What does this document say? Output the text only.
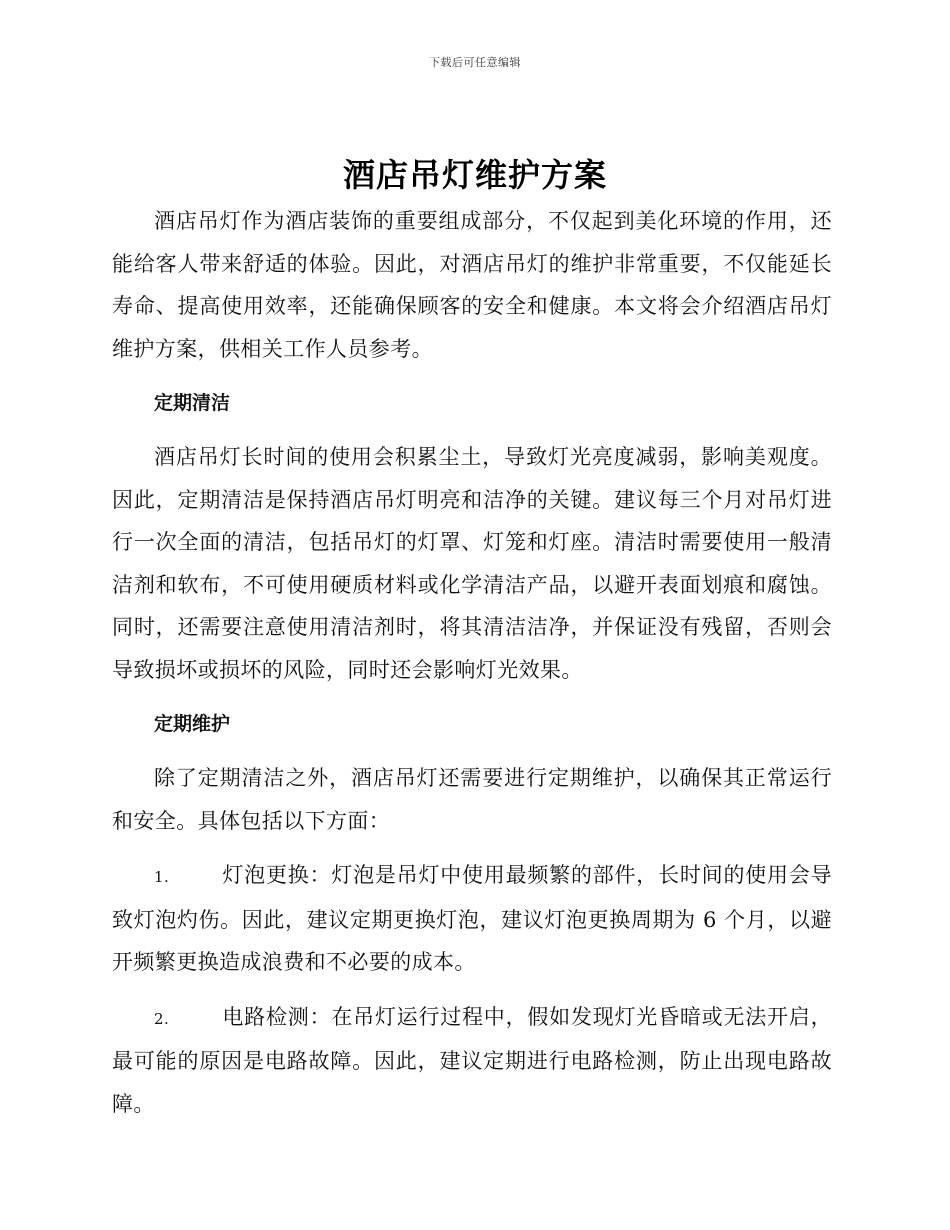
下载后可任意编辑
酒店吊灯维护方案

酒店吊灯作为酒店装饰的重要组成部分，不仅起到美化环境的作用，还能给客人带来舒适的体验。因此，对酒店吊灯的维护非常重要，不仅能延长寿命、提高使用效率，还能确保顾客的安全和健康。本文将会介绍酒店吊灯维护方案，供相关工作人员参考。

定期清洁

酒店吊灯长时间的使用会积累尘土，导致灯光亮度减弱，影响美观度。因此，定期清洁是保持酒店吊灯明亮和洁净的关键。建议每三个月对吊灯进行一次全面的清洁，包括吊灯的灯罩、灯笼和灯座。清洁时需要使用一般清洁剂和软布，不可使用硬质材料或化学清洁产品，以避开表面划痕和腐蚀。同时，还需要注意使用清洁剂时，将其清洁洁净，并保证没有残留，否则会导致损坏或损坏的风险，同时还会影响灯光效果。

定期维护

除了定期清洁之外，酒店吊灯还需要进行定期维护，以确保其正常运行和安全。具体包括以下方面：

1.	灯泡更换：灯泡是吊灯中使用最频繁的部件，长时间的使用会导致灯泡灼伤。因此，建议定期更换灯泡，建议灯泡更换周期为 6 个月，以避开频繁更换造成浪费和不必要的成本。

2.	电路检测：在吊灯运行过程中，假如发现灯光昏暗或无法开启，最可能的原因是电路故障。因此，建议定期进行电路检测，防止出现电路故障。
